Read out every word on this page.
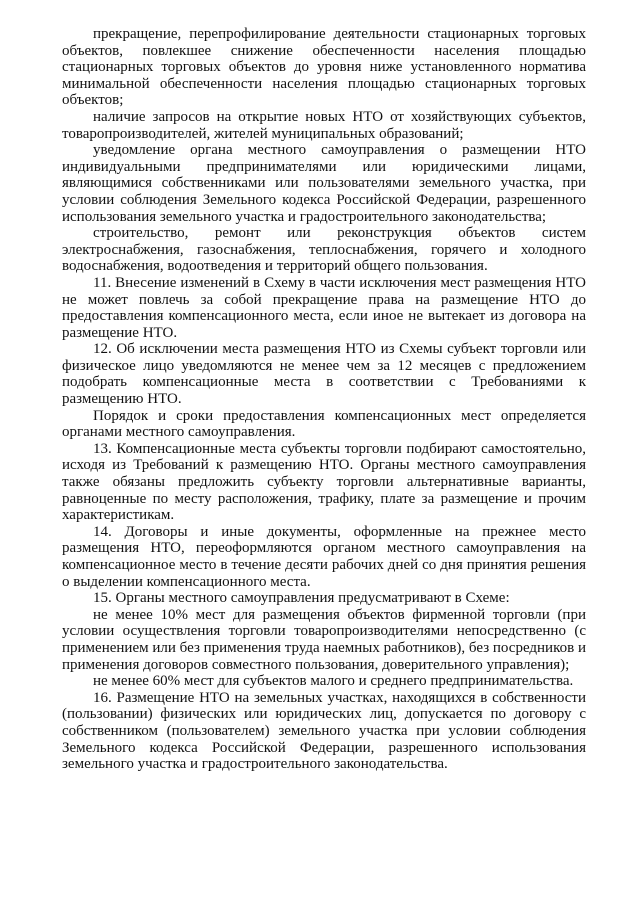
прекращение, перепрофилирование деятельности стационарных торговых объектов, повлекшее снижение обеспеченности населения площадью стационарных торговых объектов до уровня ниже установленного норматива минимальной обеспеченности населения площадью стационарных торговых объектов;

наличие запросов на открытие новых НТО от хозяйствующих субъектов, товаропроизводителей, жителей муниципальных образований;

уведомление органа местного самоуправления о размещении НТО индивидуальными предпринимателями или юридическими лицами, являющимися собственниками или пользователями земельного участка, при условии соблюдения Земельного кодекса Российской Федерации, разрешенного использования земельного участка и градостроительного законодательства;

строительство, ремонт или реконструкция объектов систем электроснабжения, газоснабжения, теплоснабжения, горячего и холодного водоснабжения, водоотведения и территорий общего пользования.

11. Внесение изменений в Схему в части исключения мест размещения НТО не может повлечь за собой прекращение права на размещение НТО до предоставления компенсационного места, если иное не вытекает из договора на размещение НТО.

12. Об исключении места размещения НТО из Схемы субъект торговли или физическое лицо уведомляются не менее чем за 12 месяцев с предложением подобрать компенсационные места в соответствии с Требованиями к размещению НТО.

Порядок и сроки предоставления компенсационных мест определяется органами местного самоуправления.

13. Компенсационные места субъекты торговли подбирают самостоятельно, исходя из Требований к размещению НТО. Органы местного самоуправления также обязаны предложить субъекту торговли альтернативные варианты, равноценные по месту расположения, трафику, плате за размещение и прочим характеристикам.

14. Договоры и иные документы, оформленные на прежнее место размещения НТО, переоформляются органом местного самоуправления на компенсационное место в течение десяти рабочих дней со дня принятия решения о выделении компенсационного места.

15. Органы местного самоуправления предусматривают в Схеме:

не менее 10% мест для размещения объектов фирменной торговли (при условии осуществления торговли товаропроизводителями непосредственно (с применением или без применения труда наемных работников), без посредников и применения договоров совместного пользования, доверительного управления);

не менее 60% мест для субъектов малого и среднего предпринимательства.

16. Размещение НТО на земельных участках, находящихся в собственности (пользовании) физических или юридических лиц, допускается по договору с собственником (пользователем) земельного участка при условии соблюдения Земельного кодекса Российской Федерации, разрешенного использования земельного участка и градостроительного законодательства.
